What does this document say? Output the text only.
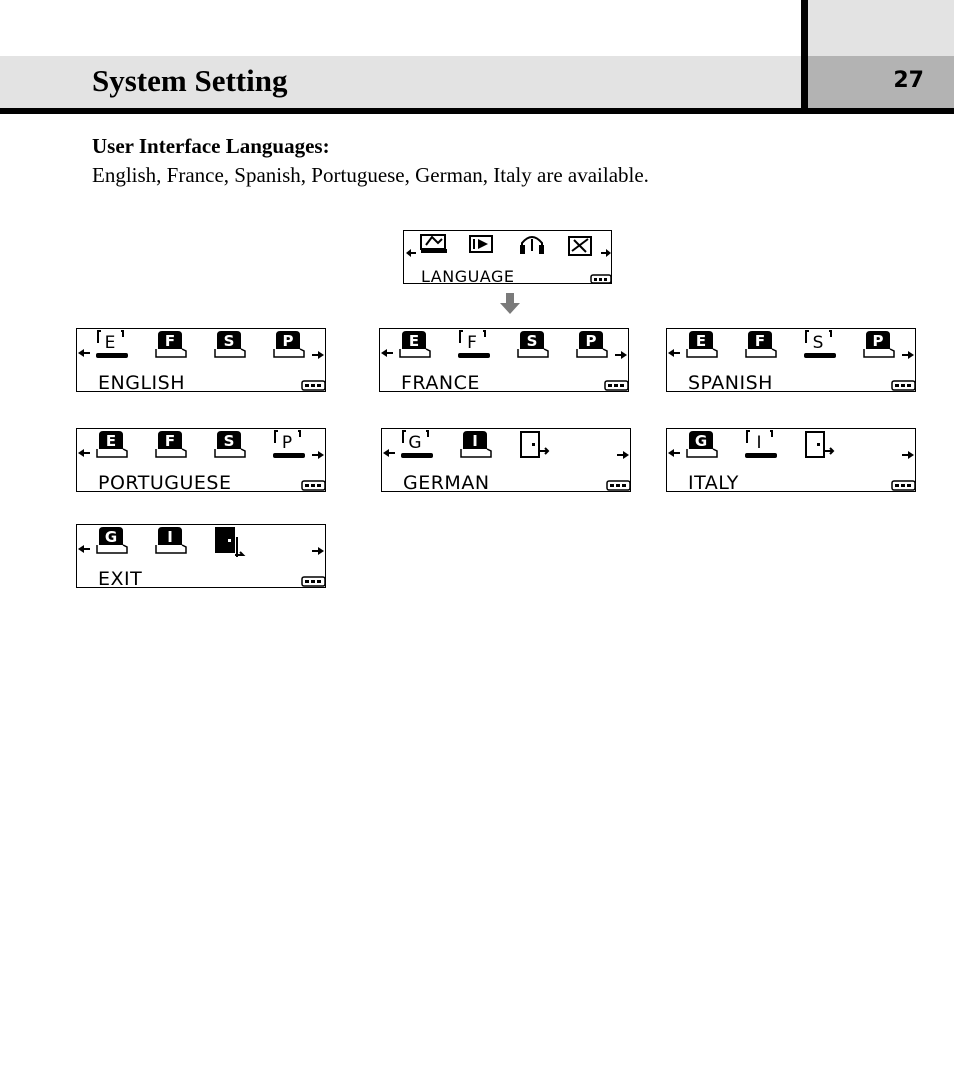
System Setting	27
User Interface Languages:
English, France, Spanish, Portuguese, German, Italy are available.
LANGUAGE
E	F	S	P
ENGLISH
E	F	S	P
FRANCE
E	F	S	P
SPANISH
E	F	S	P
PORTUGUESE
G	I
GERMAN
G	I
ITALY
G	I
EXIT
